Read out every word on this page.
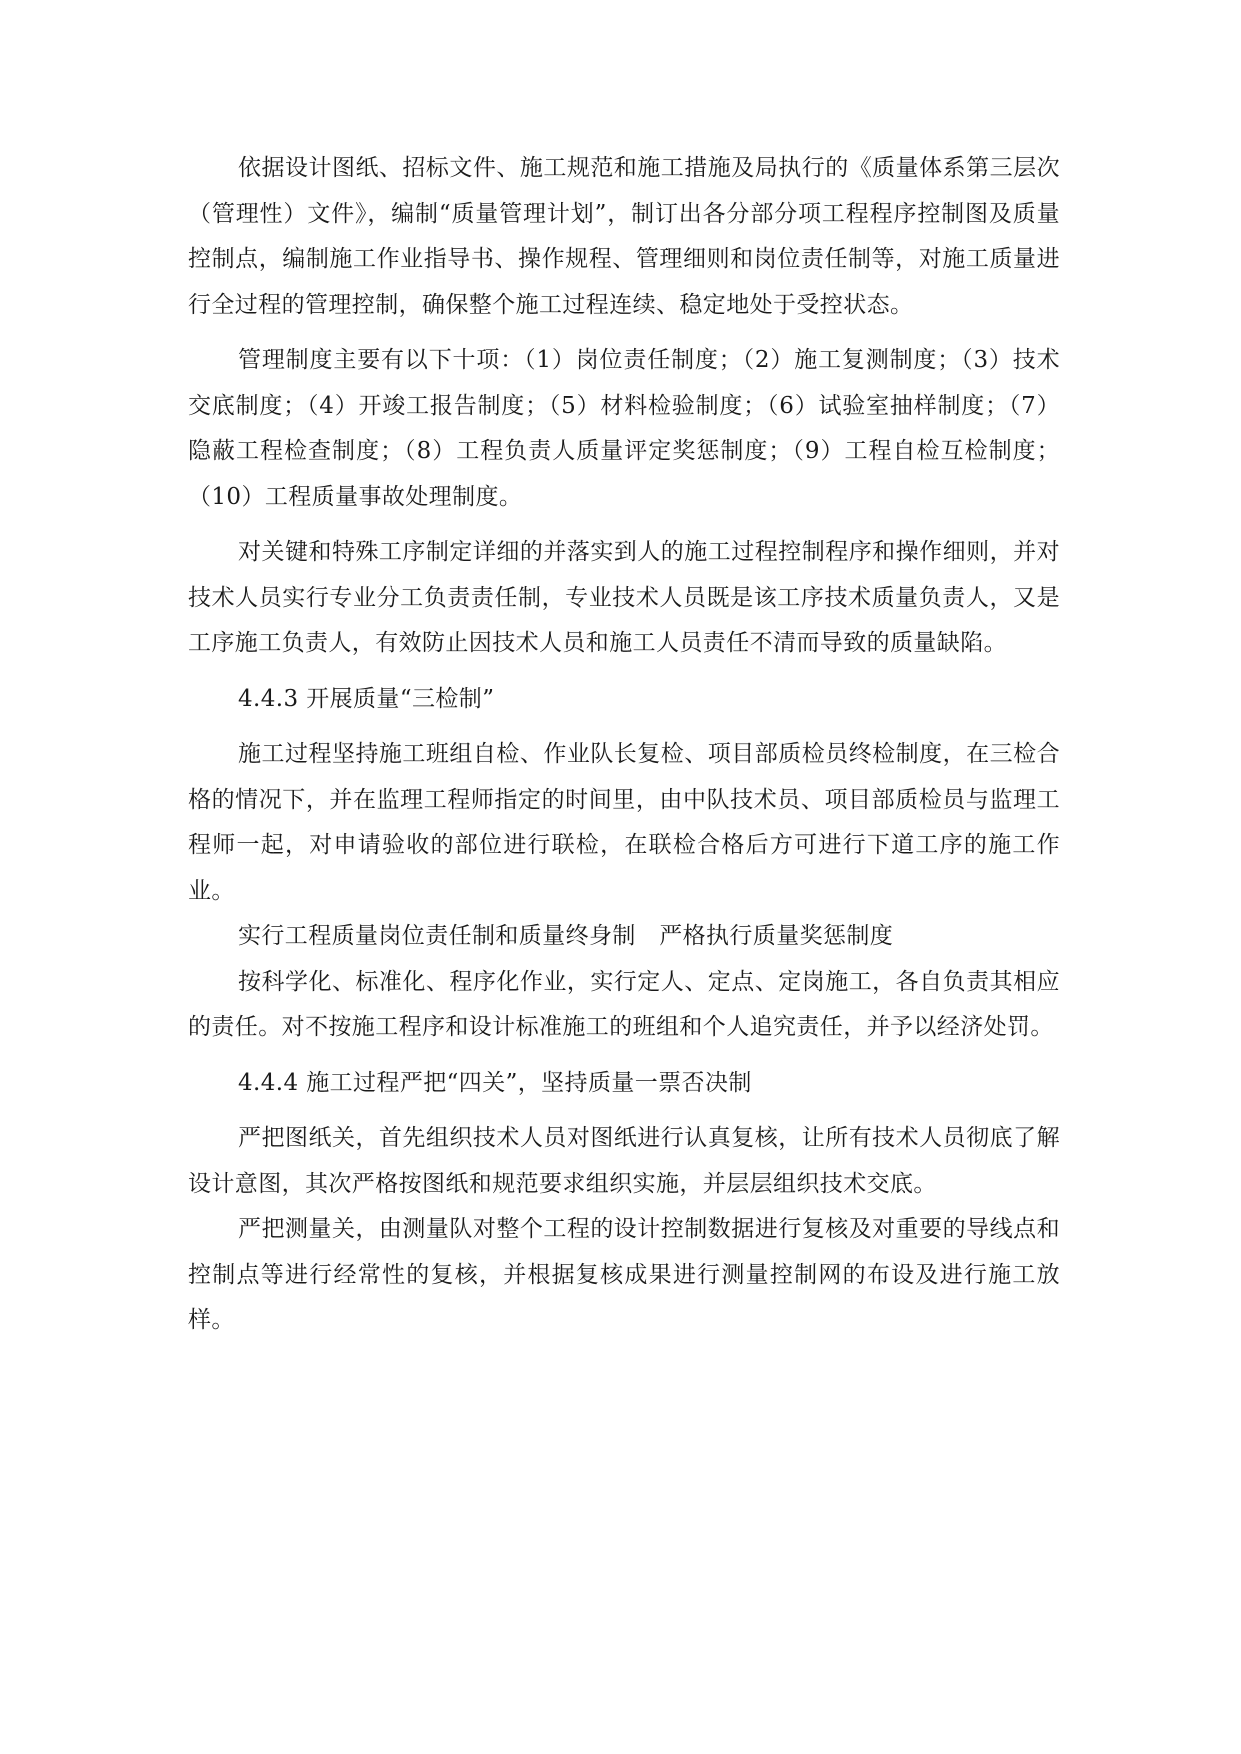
依据设计图纸、招标文件、施工规范和施工措施及局执行的《质量体系第三层次（管理性）文件》，编制“质量管理计划”，制订出各分部分项工程程序控制图及质量控制点，编制施工作业指导书、操作规程、管理细则和岗位责任制等，对施工质量进行全过程的管理控制，确保整个施工过程连续、稳定地处于受控状态。

管理制度主要有以下十项：（1）岗位责任制度；（2）施工复测制度；（3）技术交底制度；（4）开竣工报告制度；（5）材料检验制度；（6）试验室抽样制度；（7）隐蔽工程检查制度；（8）工程负责人质量评定奖惩制度；（9）工程自检互检制度；（10）工程质量事故处理制度。

对关键和特殊工序制定详细的并落实到人的施工过程控制程序和操作细则，并对技术人员实行专业分工负责责任制，专业技术人员既是该工序技术质量负责人，又是工序施工负责人，有效防止因技术人员和施工人员责任不清而导致的质量缺陷。

4.4.3 开展质量“三检制”

施工过程坚持施工班组自检、作业队长复检、项目部质检员终检制度，在三检合格的情况下，并在监理工程师指定的时间里，由中队技术员、项目部质检员与监理工程师一起，对申请验收的部位进行联检，在联检合格后方可进行下道工序的施工作业。

实行工程质量岗位责任制和质量终身制　严格执行质量奖惩制度

按科学化、标准化、程序化作业，实行定人、定点、定岗施工，各自负责其相应的责任。对不按施工程序和设计标准施工的班组和个人追究责任，并予以经济处罚。

4.4.4 施工过程严把“四关”，坚持质量一票否决制

严把图纸关，首先组织技术人员对图纸进行认真复核，让所有技术人员彻底了解设计意图，其次严格按图纸和规范要求组织实施，并层层组织技术交底。

严把测量关，由测量队对整个工程的设计控制数据进行复核及对重要的导线点和控制点等进行经常性的复核，并根据复核成果进行测量控制网的布设及进行施工放样。
